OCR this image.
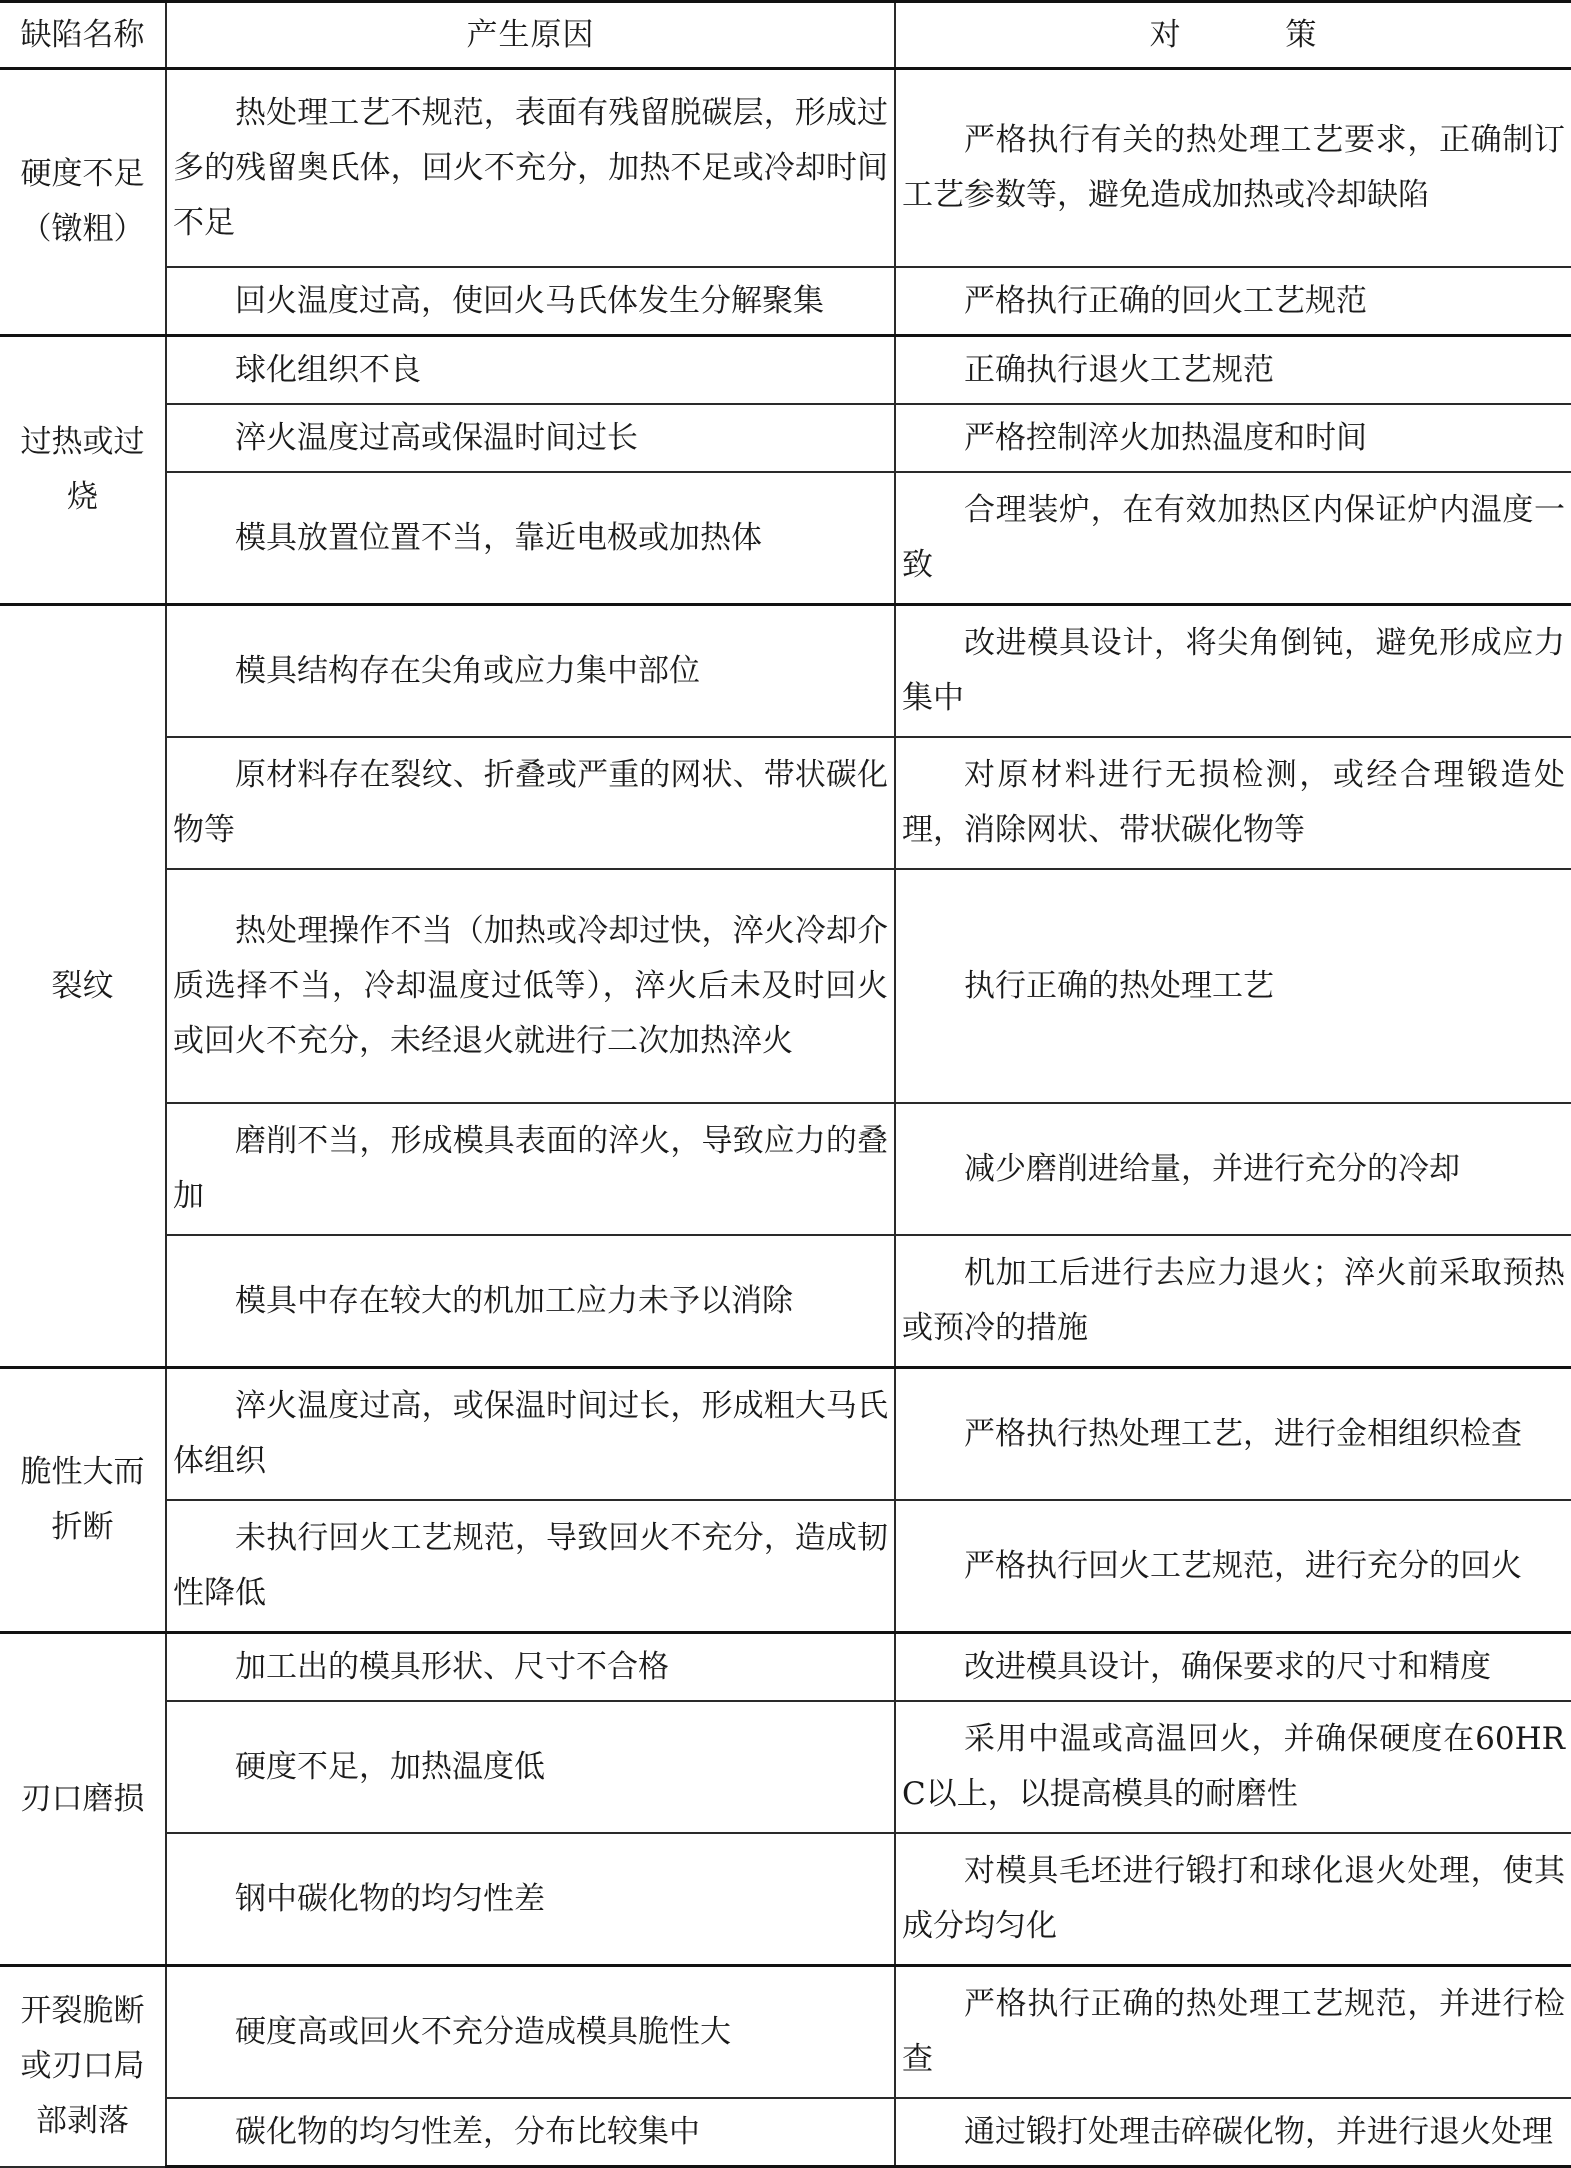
缺陷名称	产生原因	对 策
硬度不足（镦粗）	热处理工艺不规范，表面有残留脱碳层，形成过多的残留奥氏体，回火不充分，加热不足或冷却时间不足	严格执行有关的热处理工艺要求，正确制订工艺参数等，避免造成加热或冷却缺陷
	回火温度过高，使回火马氏体发生分解聚集	严格执行正确的回火工艺规范
过热或过烧	球化组织不良	正确执行退火工艺规范
	淬火温度过高或保温时间过长	严格控制淬火加热温度和时间
	模具放置位置不当，靠近电极或加热体	合理装炉，在有效加热区内保证炉内温度一致
裂纹	模具结构存在尖角或应力集中部位	改进模具设计，将尖角倒钝，避免形成应力集中
	原材料存在裂纹、折叠或严重的网状、带状碳化物等	对原材料进行无损检测，或经合理锻造处理，消除网状、带状碳化物等
	热处理操作不当（加热或冷却过快，淬火冷却介质选择不当，冷却温度过低等），淬火后未及时回火或回火不充分，未经退火就进行二次加热淬火	执行正确的热处理工艺
	磨削不当，形成模具表面的淬火，导致应力的叠加	减少磨削进给量，并进行充分的冷却
	模具中存在较大的机加工应力未予以消除	机加工后进行去应力退火；淬火前采取预热或预冷的措施
脆性大而折断	淬火温度过高，或保温时间过长，形成粗大马氏体组织	严格执行热处理工艺，进行金相组织检查
	未执行回火工艺规范，导致回火不充分，造成韧性降低	严格执行回火工艺规范，进行充分的回火
刃口磨损	加工出的模具形状、尺寸不合格	改进模具设计，确保要求的尺寸和精度
	硬度不足，加热温度低	采用中温或高温回火，并确保硬度在60HRC以上，以提高模具的耐磨性
	钢中碳化物的均匀性差	对模具毛坯进行锻打和球化退火处理，使其成分均匀化
开裂脆断或刃口局部剥落	硬度高或回火不充分造成模具脆性大	严格执行正确的热处理工艺规范，并进行检查
	碳化物的均匀性差，分布比较集中	通过锻打处理击碎碳化物，并进行退火处理
